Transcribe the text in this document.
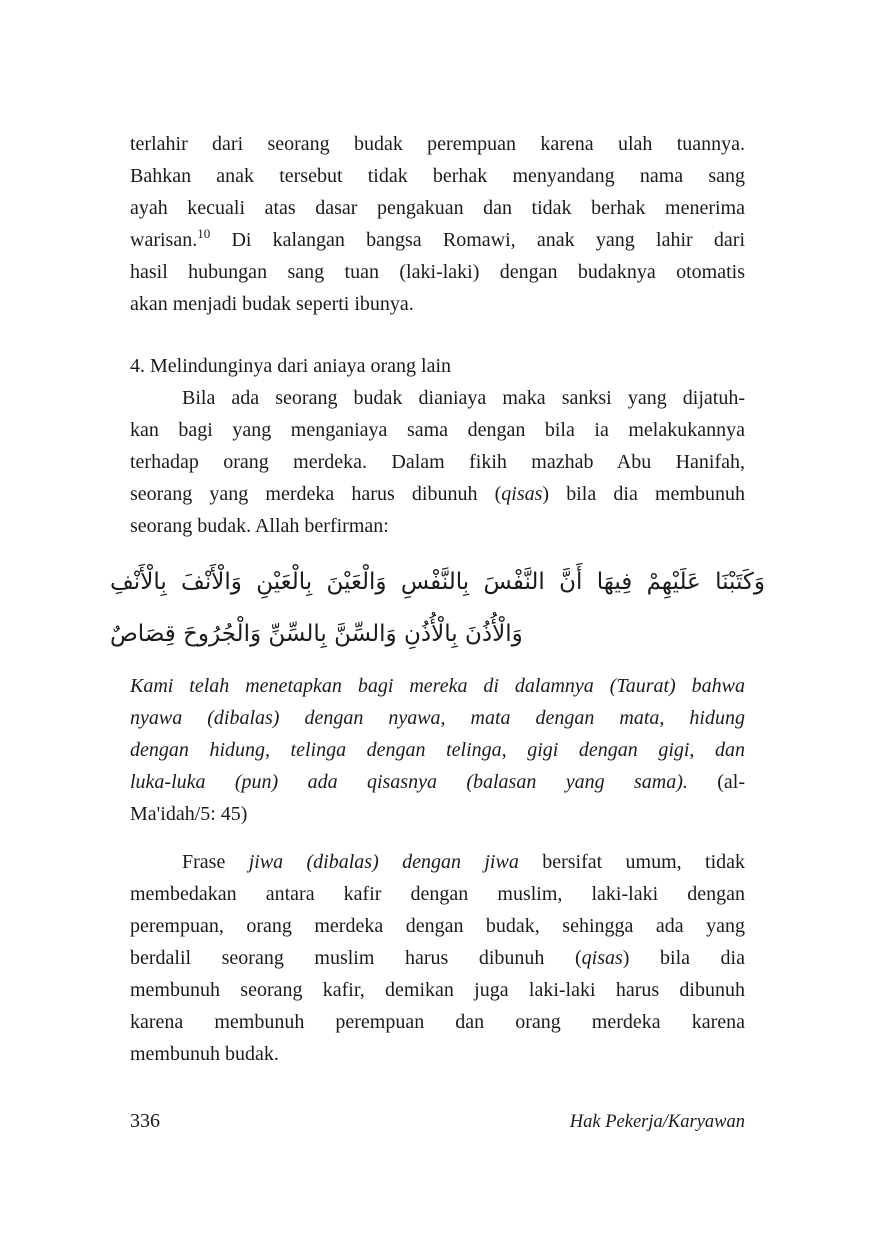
terlahir dari seorang budak perempuan karena ulah tuannya.
Bahkan anak tersebut tidak berhak menyandang nama sang
ayah kecuali atas dasar pengakuan dan tidak berhak menerima
warisan.$^{10}$ Di kalangan bangsa Romawi, anak yang lahir dari
hasil hubungan sang tuan (laki-laki) dengan budaknya otomatis
akan menjadi budak seperti ibunya.
4. Melindunginya dari aniaya orang lain
Bila ada seorang budak dianiaya maka sanksi yang dijatuh-
kan bagi yang menganiaya sama dengan bila ia melakukannya
terhadap orang merdeka. Dalam fikih mazhab Abu Hanifah,
seorang yang merdeka harus dibunuh (qisas) bila dia membunuh
seorang budak. Allah berfirman:
وَكَتَبْنَا عَلَيْهِمْ فِيهَا أَنَّ النَّفْسَ بِالنَّفْسِ وَالْعَيْنَ بِالْعَيْنِ وَالْأَنْفَ بِالْأَنْفِ
وَالْأُذُنَ بِالْأُذُنِ وَالسِّنَّ بِالسِّنِّ وَالْجُرُوحَ قِصَاصٌ
Kami telah menetapkan bagi mereka di dalamnya (Taurat) bahwa
nyawa (dibalas) dengan nyawa, mata dengan mata, hidung
dengan hidung, telinga dengan telinga, gigi dengan gigi, dan
luka-luka (pun) ada qisasnya (balasan yang sama). (al-
Ma'idah/5: 45)
Frase jiwa (dibalas) dengan jiwa bersifat umum, tidak
membedakan antara kafir dengan muslim, laki-laki dengan
perempuan, orang merdeka dengan budak, sehingga ada yang
berdalil seorang muslim harus dibunuh (qisas) bila dia
membunuh seorang kafir, demikan juga laki-laki harus dibunuh
karena membunuh perempuan dan orang merdeka karena
membunuh budak.
336	Hak Pekerja/Karyawan
